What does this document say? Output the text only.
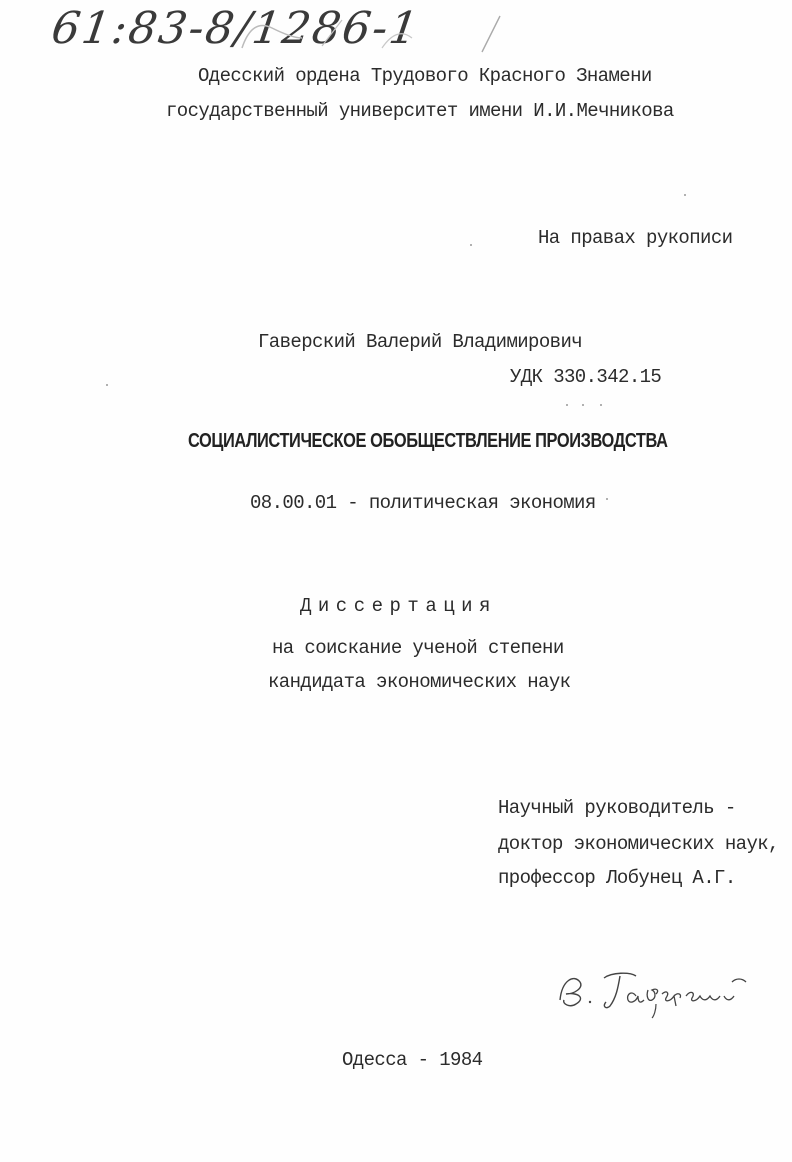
61:83-8/1286-1
Одесский ордена Трудового Красного Знамени
государственный университет имени И.И.Мечникова
На правах рукописи
Гаверский Валерий Владимирович
УДК 330.342.15
СОЦИАЛИСТИЧЕСКОЕ ОБОБЩЕСТВЛЕНИЕ ПРОИЗВОДСТВА
08.00.01 - политическая экономия
Диссертация
на соискание ученой степени
кандидата экономических наук
Научный руководитель -
доктор экономических наук,
профессор Лобунец А.Г.
Одесса - 1984
